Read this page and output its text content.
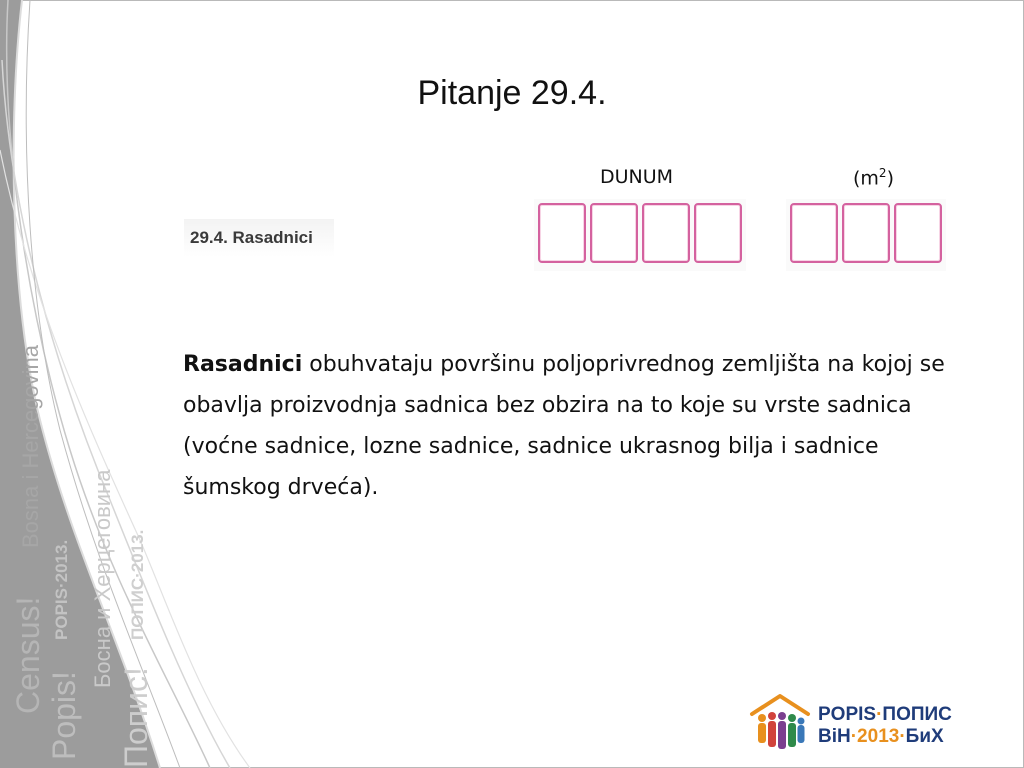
Census!
Bosna i Hercegovina
Popis!
POPIS·2013. Босна и Херцеговина
Попис!
ПОПИС·2013.
Pitanje 29.4.
DUNUM	$(m^2)$
29.4. Rasadnici
Rasadnici obuhvataju površinu poljoprivrednog zemljišta na kojoj se obavlja proizvodnja sadnica bez obzira na to koje su vrste sadnica (voćne sadnice, lozne sadnice, sadnice ukrasnog bilja i sadnice šumskog drveća).
POPIS·ПОПИС
BiH·2013·БиХ
